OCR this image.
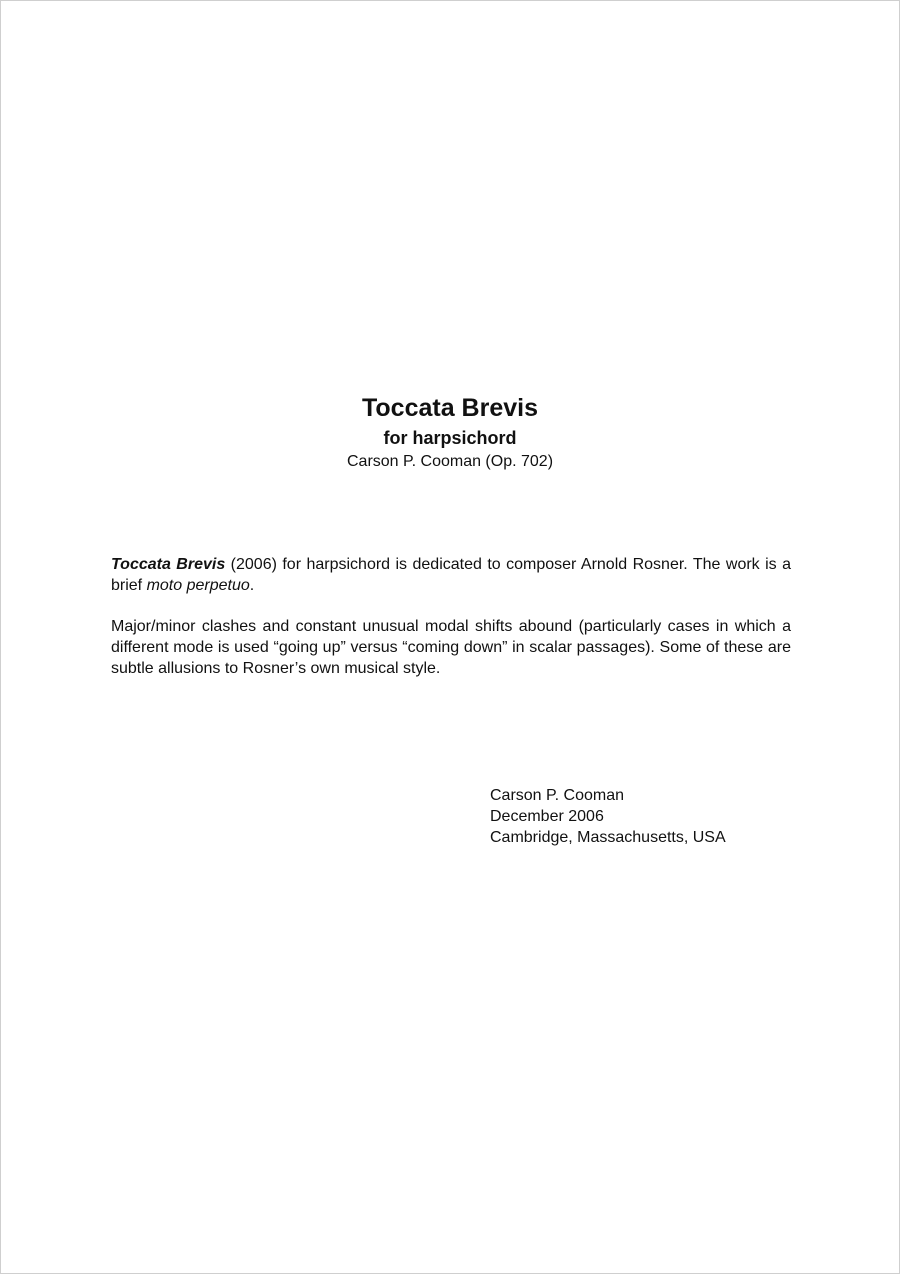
Toccata Brevis
for harpsichord
Carson P. Cooman (Op. 702)

Toccata Brevis (2006) for harpsichord is dedicated to composer Arnold Rosner. The work is a brief moto perpetuo.

Major/minor clashes and constant unusual modal shifts abound (particularly cases in which a different mode is used “going up” versus “coming down” in scalar passages). Some of these are subtle allusions to Rosner’s own musical style.

Carson P. Cooman
December 2006
Cambridge, Massachusetts, USA
